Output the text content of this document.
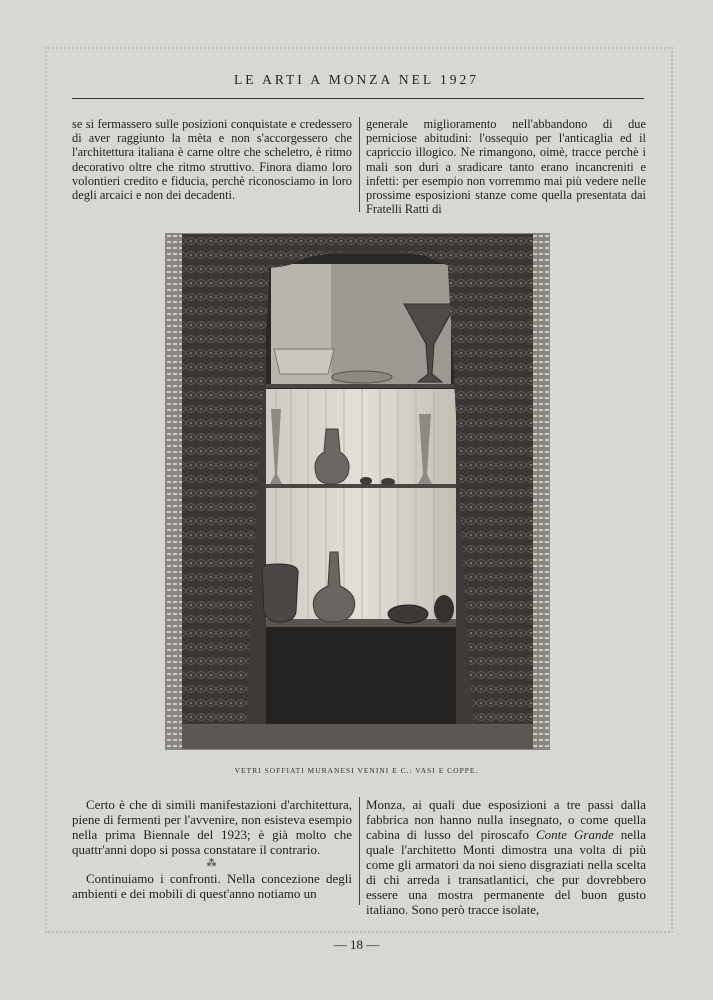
LE ARTI A MONZA NEL 1927

se si fermassero sulle posizioni conquistate e credessero di aver raggiunto la mèta e non s'accorgessero che l'architettura italiana è carne oltre che scheletro, è ritmo decorativo oltre che ritmo struttivo. Finora diamo loro volontieri credito e fiducia, perchè riconosciamo in loro degli arcaici e non dei decadenti.

generale miglioramento nell'abbandono di due perniciose abitudini: l'ossequio per l'anticaglia ed il capriccio illogico. Ne rimangono, oimè, tracce perchè i mali son duri a sradicare tanto erano incancreniti e infetti: per esempio non vorremmo mai più vedere nelle prossime esposizioni stanze come quella presentata dai Fratelli Ratti di

VETRI SOFFIATI MURANESI VENINI E C.: VASI E COPPE.

Certo è che di simili manifestazioni d'architettura, piene di fermenti per l'avvenire, non esisteva esempio nella prima Biennale del 1923; è già molto che quattr'anni dopo si possa constatare il contrario.

⁂

Continuiamo i confronti. Nella concezione degli ambienti e dei mobili di quest'anno notiamo un

Monza, ai quali due esposizioni a tre passi dalla fabbrica non hanno nulla insegnato, o come quella cabina di lusso del piroscafo Conte Grande nella quale l'architetto Monti dimostra una volta di più come gli armatori da noi sieno disgraziati nella scelta di chi arreda i transatlantici, che pur dovrebbero essere una mostra permanente del buon gusto italiano. Sono però tracce isolate,

— 18 —
